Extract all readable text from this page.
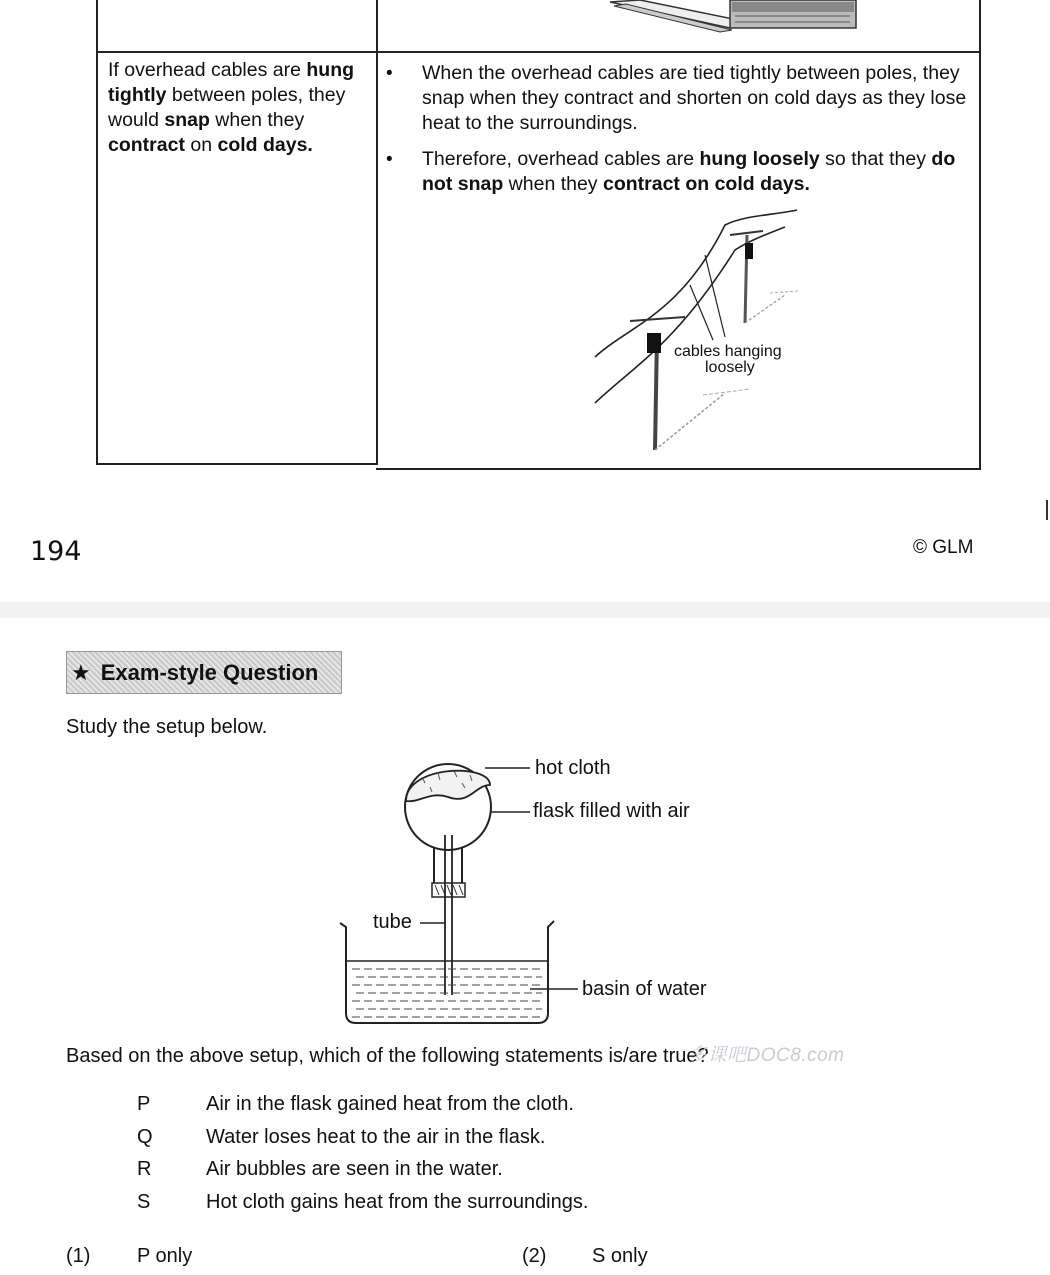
If overhead cables are hung tightly between poles, they would snap when they contract on cold days.
• When the overhead cables are tied tightly between poles, they snap when they contract and shorten on cold days as they lose heat to the surroundings.
• Therefore, overhead cables are hung loosely so that they do not snap when they contract on cold days.
cables hanging
loosely
194	© GLM
★ Exam-style Question
Study the setup below.
hot cloth
flask filled with air
tube
basin of water
Based on the above setup, which of the following statements is/are true?
多课吧DOC8.com
P	Air in the flask gained heat from the cloth.
Q	Water loses heat to the air in the flask.
R	Air bubbles are seen in the water.
S	Hot cloth gains heat from the surroundings.
(1) P only	(2) S only
